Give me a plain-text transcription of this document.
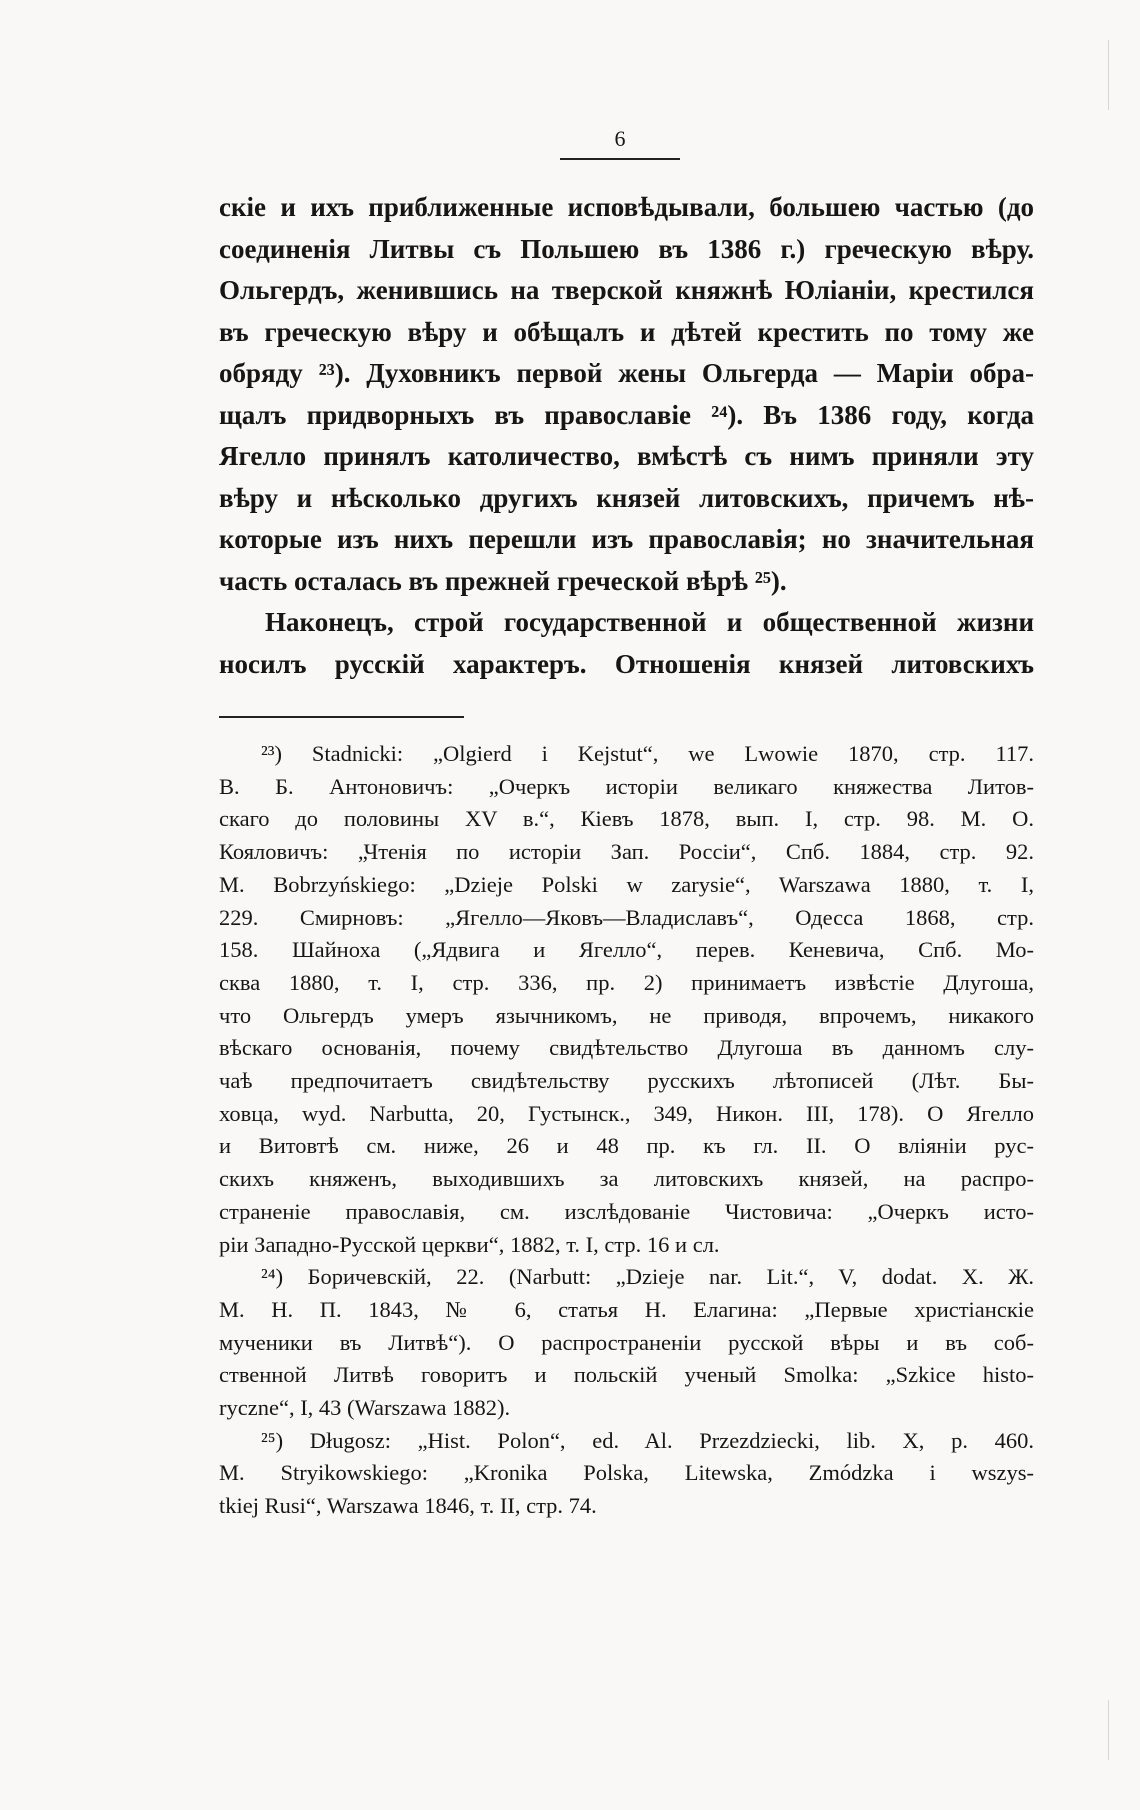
6
скіе и ихъ приближенные исповѣдывали, большею частью (до
соединенія Литвы съ Польшею въ 1386 г.) греческую вѣру.
Ольгердъ, женившись на тверской княжнѣ Юліаніи, крестился
въ греческую вѣру и обѣщалъ и дѣтей крестить по тому же
обряду ²³). Духовникъ первой жены Ольгерда — Маріи обра-
щалъ придворныхъ въ православіе ²⁴). Въ 1386 году, когда
Ягелло принялъ католичество, вмѣстѣ съ нимъ приняли эту
вѣру и нѣсколько другихъ князей литовскихъ, причемъ нѣ-
которые изъ нихъ перешли изъ православія; но значительная
часть осталась въ прежней греческой вѣрѣ ²⁵).
Наконецъ, строй государственной и общественной жизни
носилъ русскій характеръ. Отношенія князей литовскихъ
²³) Stadnicki: „Olgierd i Kejstut“, we Lwowie 1870, стр. 117.
В. Б. Антоновичъ: „Очеркъ исторіи великаго княжества Литов-
скаго до половины XV в.“, Кіевъ 1878, вып. I, стр. 98. М. О.
Кояловичъ: „Чтенія по исторіи Зап. Россіи“, Спб. 1884, стр. 92.
М. Bobrzyńskiego: „Dzieje Polski w zarysie“, Warszawa 1880, т. I,
229. Смирновъ: „Ягелло—Яковъ—Владиславъ“, Одесса 1868, стр.
158. Шайноха („Ядвига и Ягелло“, перев. Кеневича, Спб. Мо-
сква 1880, т. I, стр. 336, пр. 2) принимаетъ извѣстіе Длугоша,
что Ольгердъ умеръ язычникомъ, не приводя, впрочемъ, никакого
вѣскаго основанія, почему свидѣтельство Длугоша въ данномъ слу-
чаѣ предпочитаетъ свидѣтельству русскихъ лѣтописей (Лѣт. Бы-
ховца, wyd. Narbutta, 20, Густынск., 349, Никон. III, 178). О Ягелло
и Витовтѣ см. ниже, 26 и 48 пр. къ гл. II. О вліяніи рус-
скихъ княженъ, выходившихъ за литовскихъ князей, на распро-
страненіе православія, см. изслѣдованіе Чистовича: „Очеркъ исто-
ріи Западно-Русской церкви“, 1882, т. I, стр. 16 и сл.
²⁴) Боричевскій, 22. (Narbutt: „Dzieje nar. Lit.“, V, dodat. X. Ж.
М. Н. П. 1843, № 6, статья Н. Елагина: „Первые христіанскіе
мученики въ Литвѣ“). О распространеніи русской вѣры и въ соб-
ственной Литвѣ говоритъ и польскій ученый Smolka: „Szkice histo-
ryczne“, I, 43 (Warszawa 1882).
²⁵) Długosz: „Hist. Polon“, ed. Al. Przezdziecki, lib. X, p. 460.
M. Stryikowskiego: „Kronika Polska, Litewska, Zmódzka i wszys-
tkiej Rusi“, Warszawa 1846, т. II, стр. 74.
